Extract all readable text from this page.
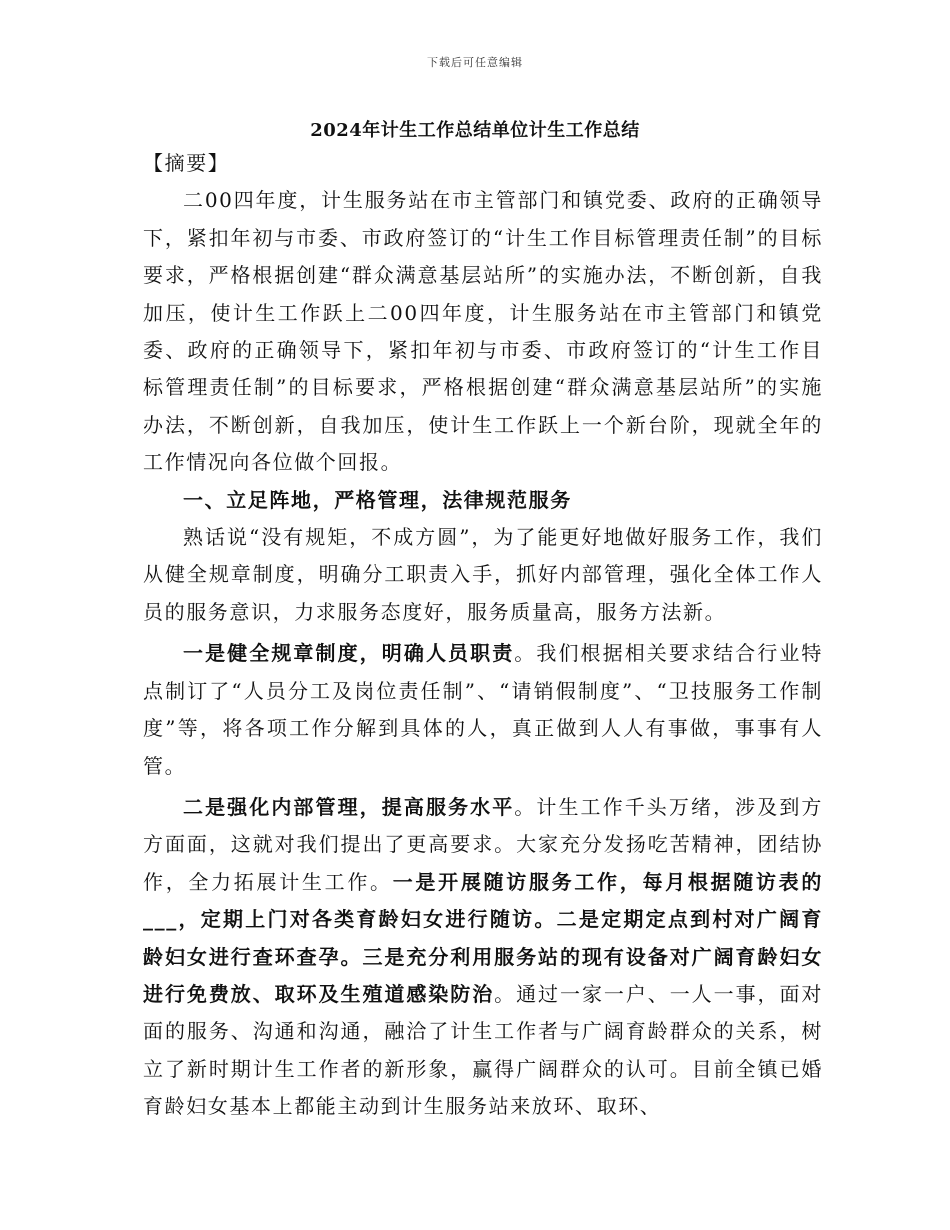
下载后可任意编辑
2024年计生工作总结单位计生工作总结

【摘要】

二00四年度，计生服务站在市主管部门和镇党委、政府的正确领导下，紧扣年初与市委、市政府签订的“计生工作目标管理责任制”的目标要求，严格根据创建“群众满意基层站所”的实施办法，不断创新，自我加压，使计生工作跃上二00四年度，计生服务站在市主管部门和镇党委、政府的正确领导下，紧扣年初与市委、市政府签订的“计生工作目标管理责任制”的目标要求，严格根据创建“群众满意基层站所”的实施办法，不断创新，自我加压，使计生工作跃上一个新台阶，现就全年的工作情况向各位做个回报。

一、立足阵地，严格管理，法律规范服务

熟话说“没有规矩，不成方圆”，为了能更好地做好服务工作，我们从健全规章制度，明确分工职责入手，抓好内部管理，强化全体工作人员的服务意识，力求服务态度好，服务质量高，服务方法新。

一是健全规章制度，明确人员职责。我们根据相关要求结合行业特点制订了“人员分工及岗位责任制”、“请销假制度”、“卫技服务工作制度”等，将各项工作分解到具体的人，真正做到人人有事做，事事有人管。

二是强化内部管理，提高服务水平。计生工作千头万绪，涉及到方方面面，这就对我们提出了更高要求。大家充分发扬吃苦精神，团结协作，全力拓展计生工作。一是开展随访服务工作，每月根据随访表的___，定期上门对各类育龄妇女进行随访。二是定期定点到村对广阔育龄妇女进行查环查孕。三是充分利用服务站的现有设备对广阔育龄妇女进行免费放、取环及生殖道感染防治。通过一家一户、一人一事，面对面的服务、沟通和沟通，融洽了计生工作者与广阔育龄群众的关系，树立了新时期计生工作者的新形象，赢得广阔群众的认可。目前全镇已婚育龄妇女基本上都能主动到计生服务站来放环、取环、
